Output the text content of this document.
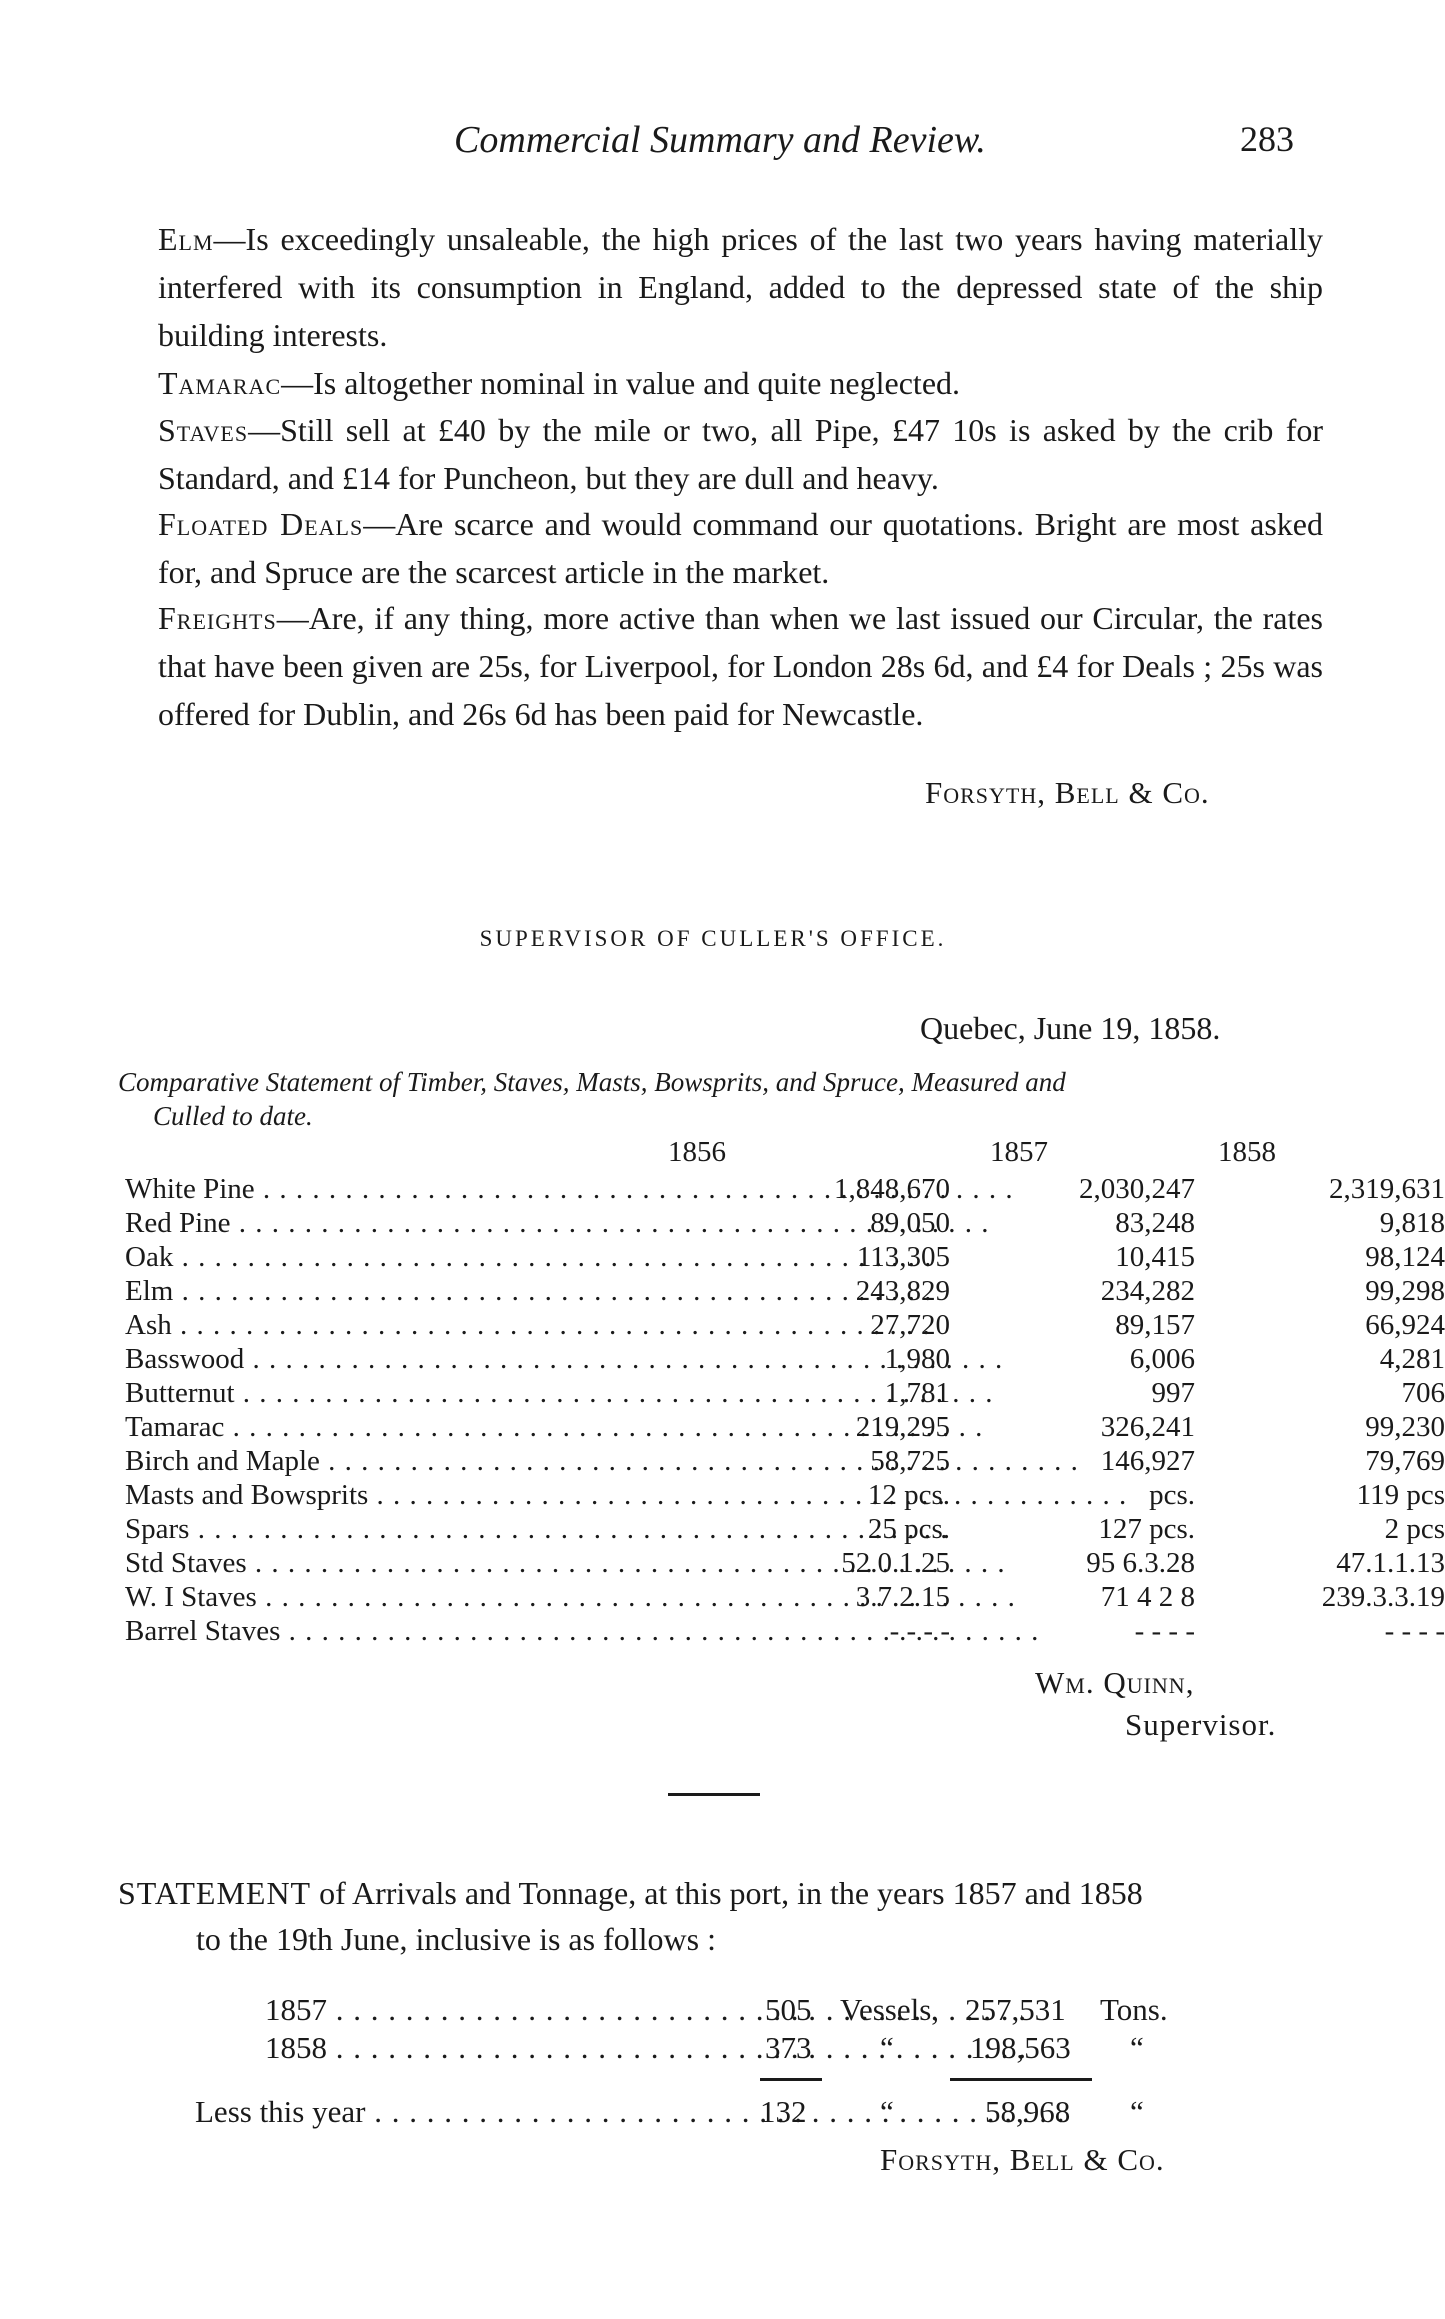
Commercial Summary and Review.	283

Elm—Is exceedingly unsaleable, the high prices of the last two years having materially interfered with its consumption in England, added to the depressed state of the ship building interests.

Tamarac—Is altogether nominal in value and quite neglected.

Staves—Still sell at £40 by the mile or two, all Pipe, £47 10s is asked by the crib for Standard, and £14 for Puncheon, but they are dull and heavy.

Floated Deals—Are scarce and would command our quotations. Bright are most asked for, and Spruce are the scarcest article in the market.

Freights—Are, if any thing, more active than when we last issued our Circular, the rates that have been given are 25s, for Liverpool, for London 28s 6d, and £4 for Deals ; 25s was offered for Dublin, and 26s 6d has been paid for Newcastle.

Forsyth, Bell & Co.
SUPERVISOR OF CULLER'S OFFICE.
Quebec, June 19, 1858.

Comparative Statement of Timber, Staves, Masts, Bowsprits, and Spruce, Measured and
Culled to date.

1856	1857	1858
White Pine . . .	1,848,670	2,030,247	2,319,631
Red Pine . . .	89,050	83,248	9,818
Oak . . .	113,305	10,415	98,124
Elm . . .	243,829	234,282	99,298
Ash . . .	27,720	89,157	66,924
Basswood . . .	1,980	6,006	4,281
Butternut . . .	1,781	997	706
Tamarac . . .	219,295	326,241	99,230
Birch and Maple . . .	58,725	146,927	79,769
Masts and Bowsprits . . .	12 pcs.	pcs.	119 pcs
Spars . . .	25 pcs.	127 pcs.	2 pcs
Std Staves . . .	52.0.1.25	95 6.3.28	47.1.1.13
W. I Staves . . .	3.7.2.15	71 4 2 8	239.3.3.19
Barrel Staves . . .	- - - -	- - - -	- - - -
Wm. Quinn,
Supervisor.

STATEMENT of Arrivals and Tonnage, at this port, in the years 1857 and 1858
to the 19th June, inclusive is as follows :

1857 . . .	505 Vessels, 257,531 Tons.
1858 . . .	373 “ 198,563 “
Less this year . . .	132 “	58,968 “
Forsyth, Bell & Co.
